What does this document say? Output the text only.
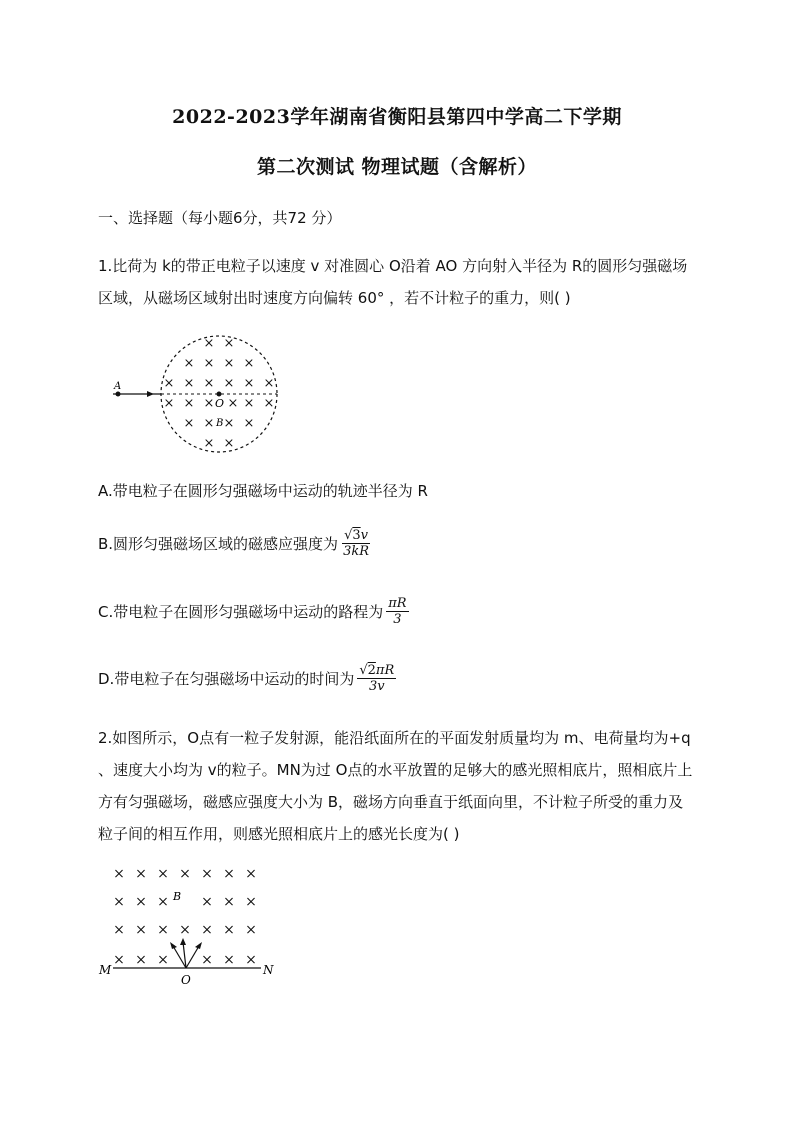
2022-2023学年湖南省衡阳县第四中学高二下学期
第二次测试 物理试题（含解析）
一、选择题（每小题6分，共72 分）
1.比荷为 k的带正电粒子以速度 v 对准圆心 O沿着 AO 方向射入半径为 R的圆形匀强磁场区域，从磁场区域射出时速度方向偏转 60° ，若不计粒子的重力，则( )
A
O
B
× ×
× × × ×
× × × × × ×
× × × × × ×
× × × ×
× ×
A.带电粒子在圆形匀强磁场中运动的轨迹半径为 R
B.圆形匀强磁场区域的磁感应强度为 $\frac{√3v}{3kR}$
C.带电粒子在圆形匀强磁场中运动的路程为 $\frac{\pi R}{3}$
D.带电粒子在匀强磁场中运动的时间为 $\frac{√2\pi R}{3v}$
2.如图所示，O点有一粒子发射源，能沿纸面所在的平面发射质量均为 m、电荷量均为+q 、速度大小均为 v的粒子。MN为过 O点的水平放置的足够大的感光照相底片，照相底片上方有匀强磁场，磁感应强度大小为 B，磁场方向垂直于纸面向里，不计粒子所受的重力及粒子间的相互作用，则感光照相底片上的感光长度为( )
× × × × × × ×
× × × × × ×
× × × × × × ×
× × × × × ×
M	N
O
B
